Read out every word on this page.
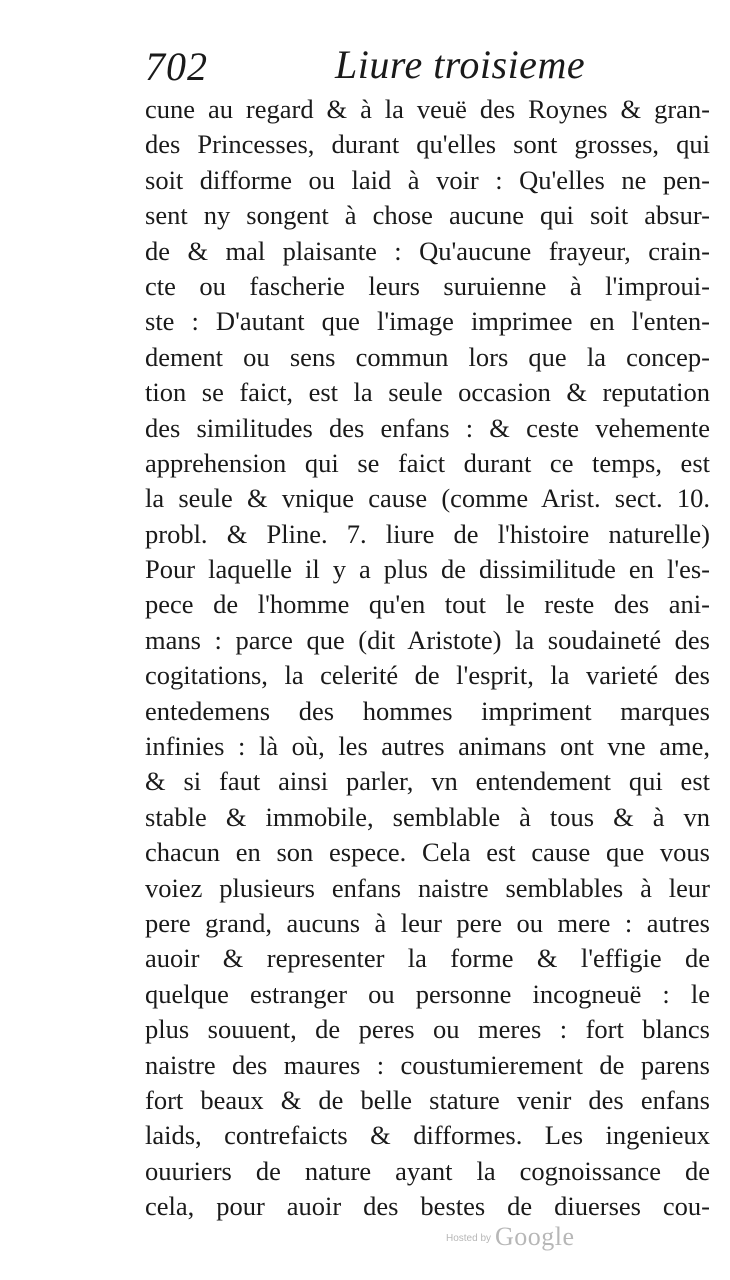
702	Liure troisieme
cune au regard & à la veuë des Roynes & gran-
des Princesses, durant qu'elles sont grosses, qui
soit difforme ou laid à voir : Qu'elles ne pen-
sent ny songent à chose aucune qui soit absur-
de & mal plaisante : Qu'aucune frayeur, crain-
cte ou fascherie leurs suruienne à l'improui-
ste : D'autant que l'image imprimee en l'enten-
dement ou sens commun lors que la concep-
tion se faict, est la seule occasion & reputation
des similitudes des enfans : & ceste vehemente
apprehension qui se faict durant ce temps, est
la seule & vnique cause (comme Arist. sect. 10.
probl. & Pline. 7. liure de l'histoire naturelle)
Pour laquelle il y a plus de dissimilitude en l'es-
pece de l'homme qu'en tout le reste des ani-
mans : parce que (dit Aristote) la soudaineté des
cogitations, la celerité de l'esprit, la varieté des
entedemens des hommes impriment marques
infinies : là où, les autres animans ont vne ame,
& si faut ainsi parler, vn entendement qui est
stable & immobile, semblable à tous & à vn
chacun en son espece. Cela est cause que vous
voiez plusieurs enfans naistre semblables à leur
pere grand, aucuns à leur pere ou mere : autres
auoir & representer la forme & l'effigie de
quelque estranger ou personne incogneuë : le
plus souuent, de peres ou meres : fort blancs
naistre des maures : coustumierement de parens
fort beaux & de belle stature venir des enfans
laids, contrefaicts & difformes. Les ingenieux
ouuriers de nature ayant la cognoissance de
cela, pour auoir des bestes de diuerses cou-
Hosted by Google
